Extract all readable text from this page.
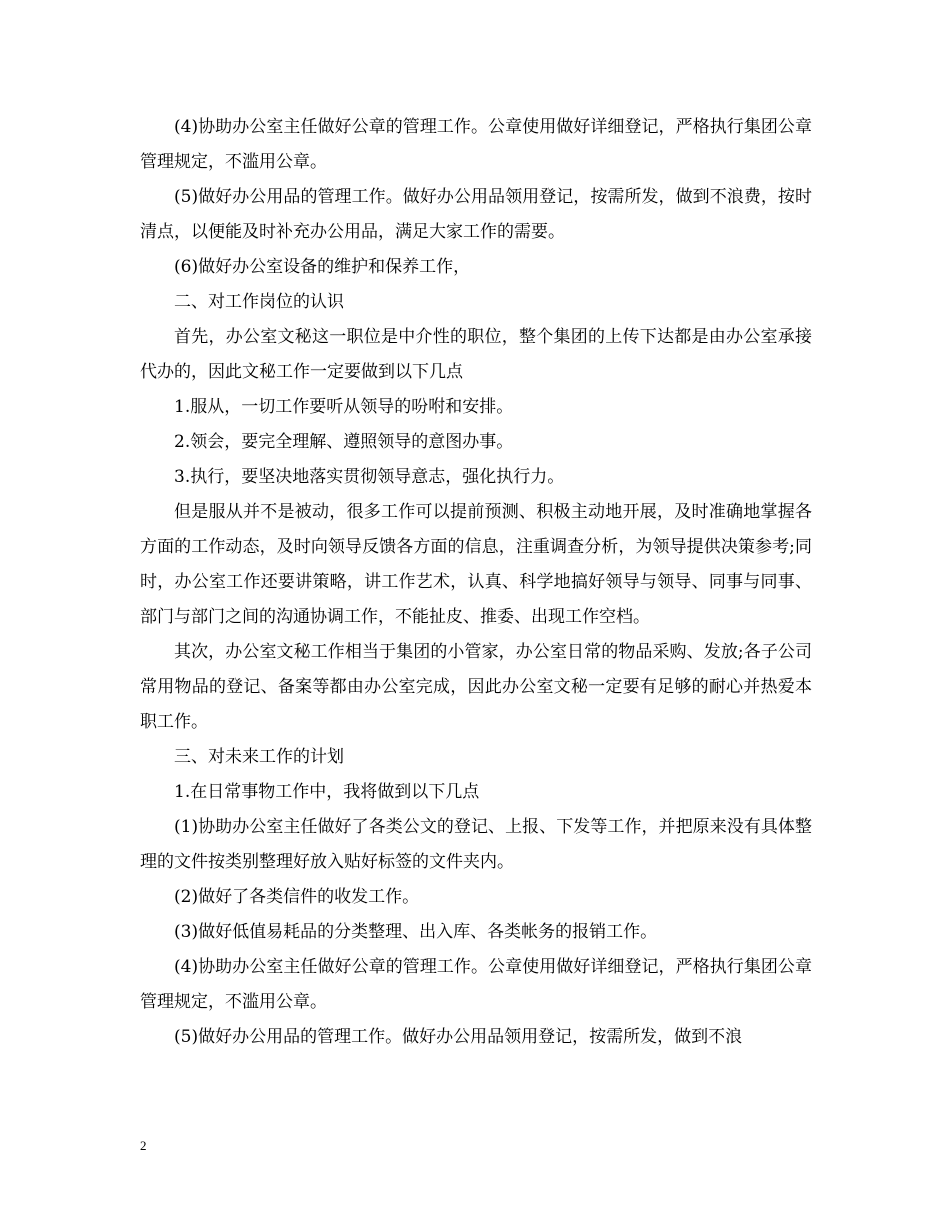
(4)协助办公室主任做好公章的管理工作。公章使用做好详细登记，严格执行集团公章管理规定，不滥用公章。

(5)做好办公用品的管理工作。做好办公用品领用登记，按需所发，做到不浪费，按时清点，以便能及时补充办公用品，满足大家工作的需要。

(6)做好办公室设备的维护和保养工作，

二、对工作岗位的认识

首先，办公室文秘这一职位是中介性的职位，整个集团的上传下达都是由办公室承接代办的，因此文秘工作一定要做到以下几点

1.服从，一切工作要听从领导的吩咐和安排。

2.领会，要完全理解、遵照领导的意图办事。

3.执行，要坚决地落实贯彻领导意志，强化执行力。

但是服从并不是被动，很多工作可以提前预测、积极主动地开展，及时准确地掌握各方面的工作动态，及时向领导反馈各方面的信息，注重调查分析，为领导提供决策参考;同时，办公室工作还要讲策略，讲工作艺术，认真、科学地搞好领导与领导、同事与同事、部门与部门之间的沟通协调工作，不能扯皮、推委、出现工作空档。

其次，办公室文秘工作相当于集团的小管家，办公室日常的物品采购、发放;各子公司常用物品的登记、备案等都由办公室完成，因此办公室文秘一定要有足够的耐心并热爱本职工作。

三、对未来工作的计划

1.在日常事物工作中，我将做到以下几点

(1)协助办公室主任做好了各类公文的登记、上报、下发等工作，并把原来没有具体整理的文件按类别整理好放入贴好标签的文件夹内。

(2)做好了各类信件的收发工作。

(3)做好低值易耗品的分类整理、出入库、各类帐务的报销工作。

(4)协助办公室主任做好公章的管理工作。公章使用做好详细登记，严格执行集团公章管理规定，不滥用公章。

(5)做好办公用品的管理工作。做好办公用品领用登记，按需所发，做到不浪

2
